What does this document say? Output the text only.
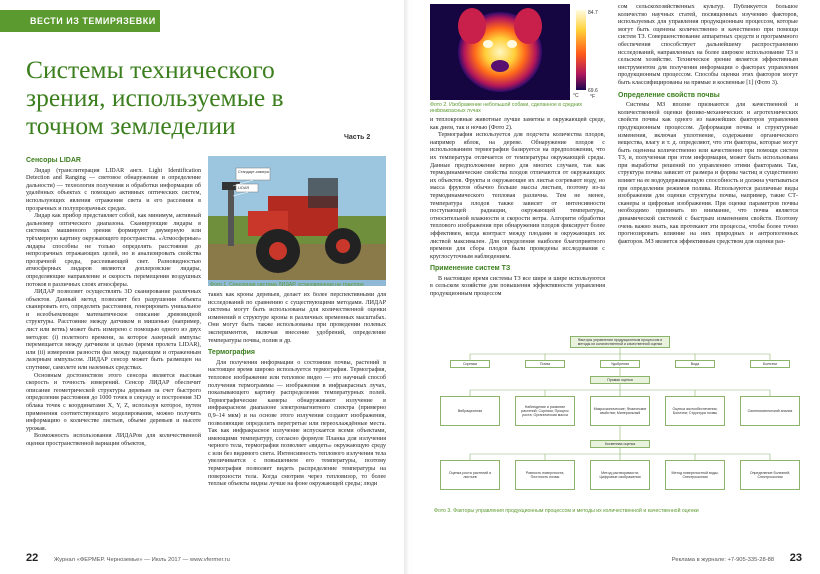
ВЕСТИ ИЗ ТЕМИРЯЗЕВКИ
Системы технического зрения, используемые в точном земледелии	Часть 2
Сенсоры LIDAR

Лидар (транслитерация LIDAR англ. Light Identification Detection and Ranging — световое обнаружение и определение дальности) — технология получения и обработки информации об удалённых объектах с помощью активных оптических систем, использующих явления отражения света и его рассеяния в прозрачных и полупрозрачных средах.

Лидар как прибор представляет собой, как минимум, активный дальномер оптического диапазона. Сканирующие лидары в системах машинного зрения формируют двумерную или трёхмерную картину окружающего пространства. «Атмосферные» лидары способны не только определять расстояния до непрозрачных отражающих целей, но и анализировать свойства прозрачной среды, рассеивающей свет. Разновидностью атмосферных лидаров являются доплеровские лидары, определяющие направление и скорость перемещения воздушных потоков в различных слоях атмосферы.

ЛИДАР позволяет осуществлять 3D сканирование различных объектов. Данный метод позволяет без разрушения объекта сканировать его, определять расстояния, генерировать уникальное и всеобъемлющее математическое описание древовидной структуры. Расстояние между датчиком и мишенью (например, лист или ветвь) может быть измерено с помощью одного из двух методов: (i) полетного времени, за которое лазерный импульс перемещается между датчиком и целью (время пролета LIDAR), или (ii) измерения разности фаз между падающим и отраженным лазерным импульсом. ЛИДАР сенсор может быть размещен на спутнике, самолете или наземных средствах.

Основным достоинством этого сенсора является высокая скорость и точность измерений. Сенсор ЛИДАР обеспечит описание геометрической структуры деревьев за счет быстрого определения расстояния до 1000 точек в секунду и построения 3D облака точек с координатами X, Y, Z, используя которое, путем применения соответствующего моделирования, можно получить информацию о количестве листьев, объеме деревьев и высоте урожая.

Возможность использования ЛИДАРов для количественной оценки пространственной вариации объектов,

Стандарт-камера
LIDAR
Фото 1. Сенсорная система ЛИДАР, установленная на тракторе

таких как кроны деревьев, делает их более перспективными для исследований по сравнению с существующими методами. ЛИДАР системы могут быть использованы для количественной оценки изменений в структуре кроны в различных временных масштабах. Они могут быть также использованы при проведении полевых экспериментов, включая внесение удобрений, определение температуры почвы, полив и др.

Термография

Для получения информации о состоянии почвы, растений в настоящее время широко используется термография. Термография, тепловое изображение или тепловое видео — это научный способ получения термограммы — изображения в инфракрасных лучах, показывающего картину распределения температурных полей. Термографические камеры обнаруживают излучение в инфракрасном диапазоне электромагнитного спектра (примерно 0,9–14 мкм) и на основе этого излучения создают изображения, позволяющие определить перегретые или переохлаждённые места. Так как инфракрасное излучение испускается всеми объектами, имеющими температуру, согласно формуле Планка для излучения черного тела, термография позволяет «видеть» окружающую среду с или без видимого света. Интенсивность теплового излучения тела увеличивается с повышением его температуры, поэтому термография позволяет видеть распределение температуры на поверхности тела. Когда смотрим через тепловизор, то более теплые объекты видны лучше на фоне окружающей среды; люди

22	Журнал «ФЕРМЕР. Черноземье» — Июль 2017 — www.vfermer.ru
84.7
69.6
°C °F
Фото 2. Изображение небольшой собаки, сделанное в средних инфракрасных лучах

и теплокровные животные лучше заметны в окружающей среде, как днем, так и ночью (Фото 2).

Термография используется для подсчета количества плодов, например яблок, на дереве. Обнаружение плодов с использованием термографии базируется на предположении, что их температура отличается от температуры окружающей среды. Данные предположение верно для многих случаев, так как термодинамические свойства плодов отличаются от окружающих их объектов. Фрукты и окружающие их листья согревают воду, но масса фруктов обычно больше массы листьев, поэтому из-за термодинамического тепловая различна. Тем не менее, температура плодов также зависит от интенсивности поступающей радиации, окружающей температуры, относительной влажности и скорости ветра. Алгоритм обработки теплового изображения при обнаружении плодов фиксирует более эффективен, когда контраст между плодами и окружающих их листвой максимален. Для определения наиболее благоприятного времени для сбора плодов были проведены исследования с круглосуточным наблюдением.

Применение систем ТЗ

В настоящее время системы ТЗ все шире и шире используются в сельском хозяйстве для повышения эффективности управления продукционным процессом

сом сельскохозяйственных культур. Публикуется большое количество научных статей, посвященных изучению факторов, используемых для управления продукционным процессом, которые могут быть оценены количественно и качественно при помощи систем ТЗ. Совершенствование аппаратных средств и программного обеспечения способствует дальнейшему распространению исследований, направленных на более широкое использование ТЗ в сельском хозяйстве. Техническое зрение является эффективным инструментом для получения информации о факторах управления продукционным процессом. Способы оценки этих факторов могут быть классифицированы на прямые и косвенные [1] (Фото 3).

Определение свойств почвы

Системы МЗ вполне признаются для качественной и количественной оценки физико-механических и агротехнических свойств почвы как одного из важнейших факторов управления продукционным процессом. Деформация почвы и структурные изменения, включая уплотнение, содержание органического вещества, влагу и т. д. определяют, что эти факторы, которые могут быть оценены количественно или качественно при помощи систем ТЗ, и, полученная при этом информация, может быть использована при выработке решений по управлению этими факторами. Так, структура почвы зависит от размера и формы частиц и существенно влияет на ее водоудерживающую способность и должна учитываться при определении режимов полива. Используются различные виды изображения для оценки структуры почвы, например, такие СТ-сканеры и цифровые изображения. При оценке параметров почвы необходимо принимать во внимание, что почва является динамической системой с быстрым изменением свойств. Поэтому очень важно знать, как протекают эти процессы, чтобы более точно прогнозировать влияние на них природных и антропогенных факторов. МЗ является эффективным средством для оценки раз-

Факторы управления продукционным процессом и методы их количественной и качественной оценки
Сорняки	Почва	Удобрения	Вода	Болезни
Прямая оценка
Вибрационная
Наблюдение и развитие растений; Сорняки; Процесс роста; Органическая масса
Микроскопические; Физические свойства; Минеральный
Оценка азотообеспечения; Болезни; Структура почвы
Симптоматический анализ
Косвенная оценка
Оценка роста растений и листьев
Ровность поверхности; Плотность почвы
Метод растворимости; Цифровые изображения
Метод поверхностной воды; Спектроскопия
Определение болезней; Спектроскопия
Фото 3. Факторы управления продукционным процессом и методы их количественной и качественной оценки
Реклама в журнале: +7-905-335-28-88 23
